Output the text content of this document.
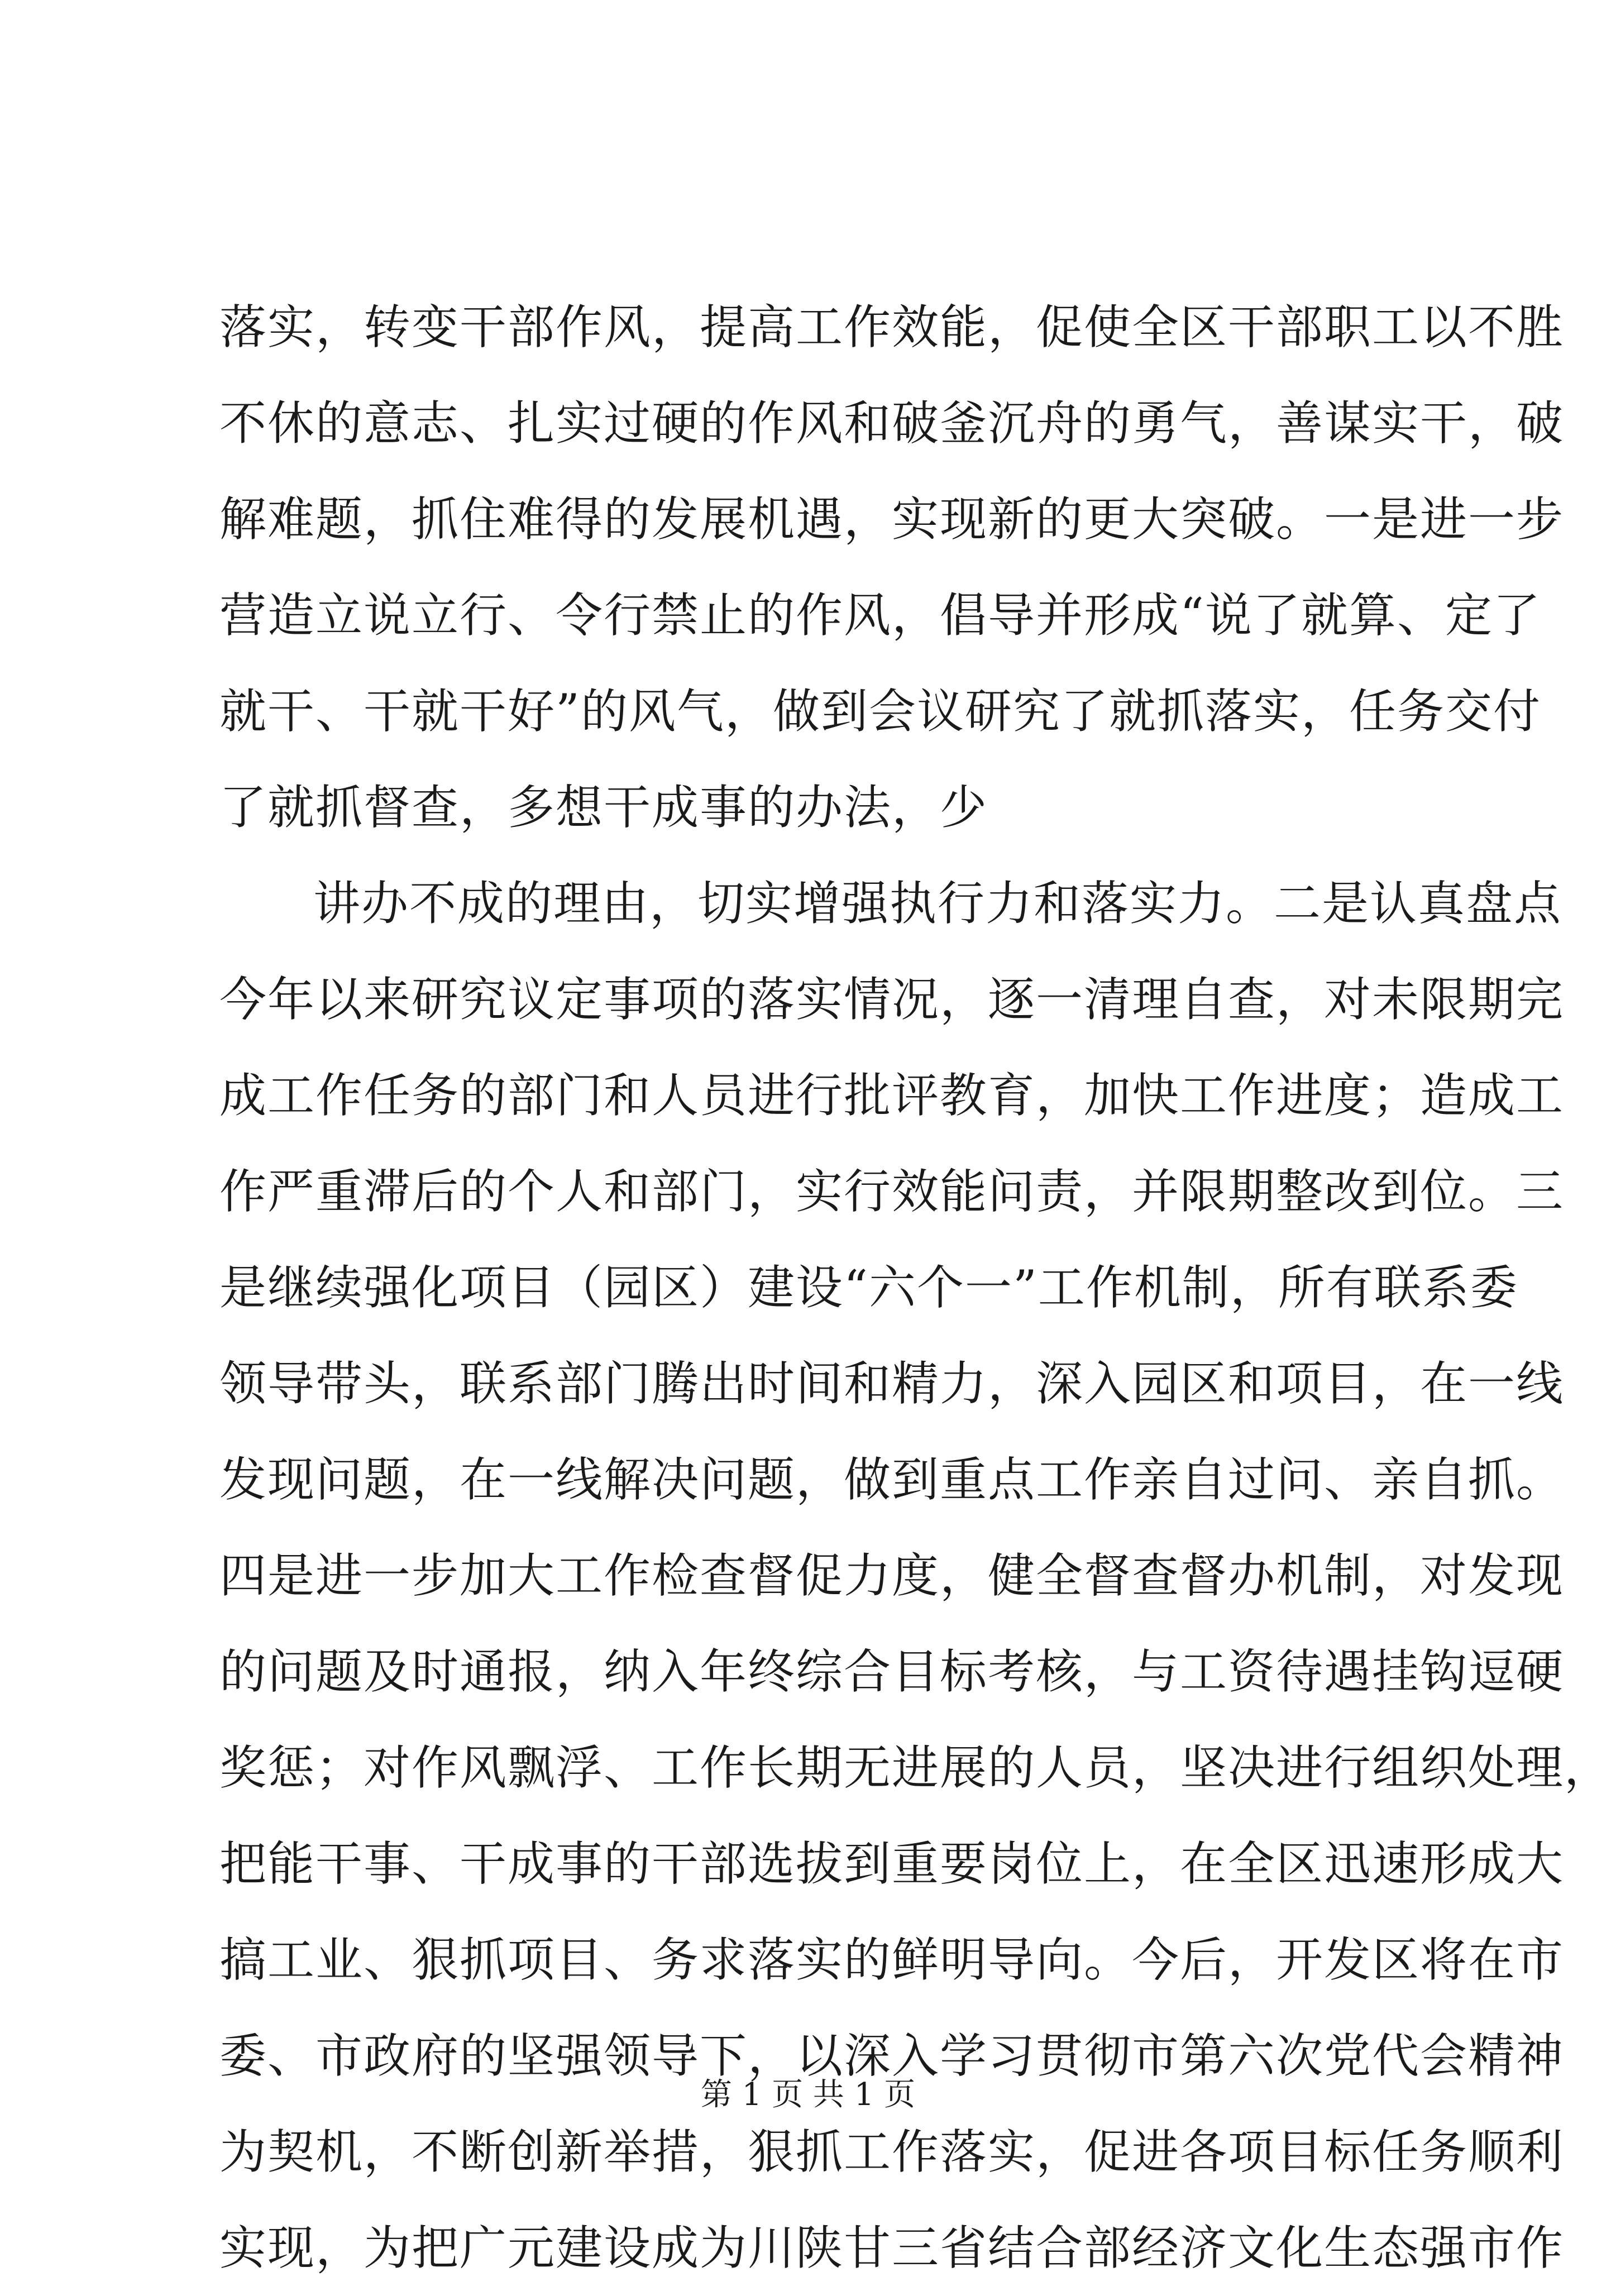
落实，转变干部作风，提高工作效能，促使全区干部职工以不胜
不休的意志、扎实过硬的作风和破釜沉舟的勇气，善谋实干，破
解难题，抓住难得的发展机遇，实现新的更大突破。一是进一步
营造立说立行、令行禁止的作风，倡导并形成“说了就算、定了
就干、干就干好”的风气，做到会议研究了就抓落实，任务交付
了就抓督查，多想干成事的办法，少
讲办不成的理由，切实增强执行力和落实力。二是认真盘点
今年以来研究议定事项的落实情况，逐一清理自查，对未限期完
成工作任务的部门和人员进行批评教育，加快工作进度；造成工
作严重滞后的个人和部门，实行效能问责，并限期整改到位。三
是继续强化项目（园区）建设“六个一”工作机制，所有联系委
领导带头，联系部门腾出时间和精力，深入园区和项目，在一线
发现问题，在一线解决问题，做到重点工作亲自过问、亲自抓。
四是进一步加大工作检查督促力度，健全督查督办机制，对发现
的问题及时通报，纳入年终综合目标考核，与工资待遇挂钩逗硬
奖惩；对作风飘浮、工作长期无进展的人员，坚决进行组织处理，
把能干事、干成事的干部选拔到重要岗位上，在全区迅速形成大
搞工业、狠抓项目、务求落实的鲜明导向。今后，开发区将在市
委、市政府的坚强领导下，以深入学习贯彻市第六次党代会精神
为契机，不断创新举措，狠抓工作落实，促进各项目标任务顺利
实现，为把广元建设成为川陕甘三省结合部经济文化生态强市作
第 1 页 共 1 页
